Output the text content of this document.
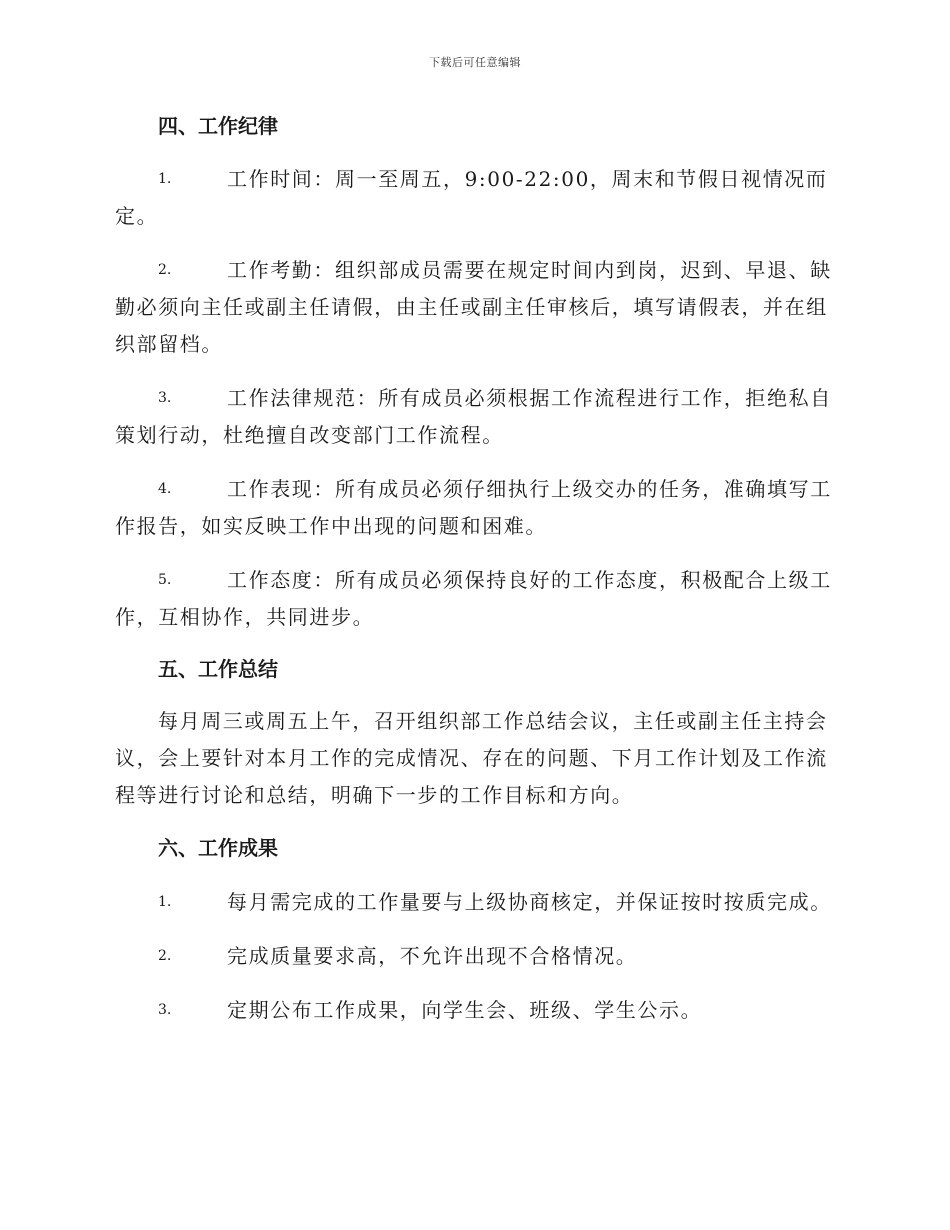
下载后可任意编辑
四、工作纪律
1.	工作时间：周一至周五，9:00-22:00，周末和节假日视情况而定。
2.	工作考勤：组织部成员需要在规定时间内到岗，迟到、早退、缺勤必须向主任或副主任请假，由主任或副主任审核后，填写请假表，并在组织部留档。
3.	工作法律规范：所有成员必须根据工作流程进行工作，拒绝私自策划行动，杜绝擅自改变部门工作流程。
4.	工作表现：所有成员必须仔细执行上级交办的任务，准确填写工作报告，如实反映工作中出现的问题和困难。
5.	工作态度：所有成员必须保持良好的工作态度，积极配合上级工作，互相协作，共同进步。
五、工作总结
每月周三或周五上午，召开组织部工作总结会议，主任或副主任主持会议，会上要针对本月工作的完成情况、存在的问题、下月工作计划及工作流程等进行讨论和总结，明确下一步的工作目标和方向。
六、工作成果
1.	每月需完成的工作量要与上级协商核定，并保证按时按质完成。
2.	完成质量要求高，不允许出现不合格情况。
3.	定期公布工作成果，向学生会、班级、学生公示。
